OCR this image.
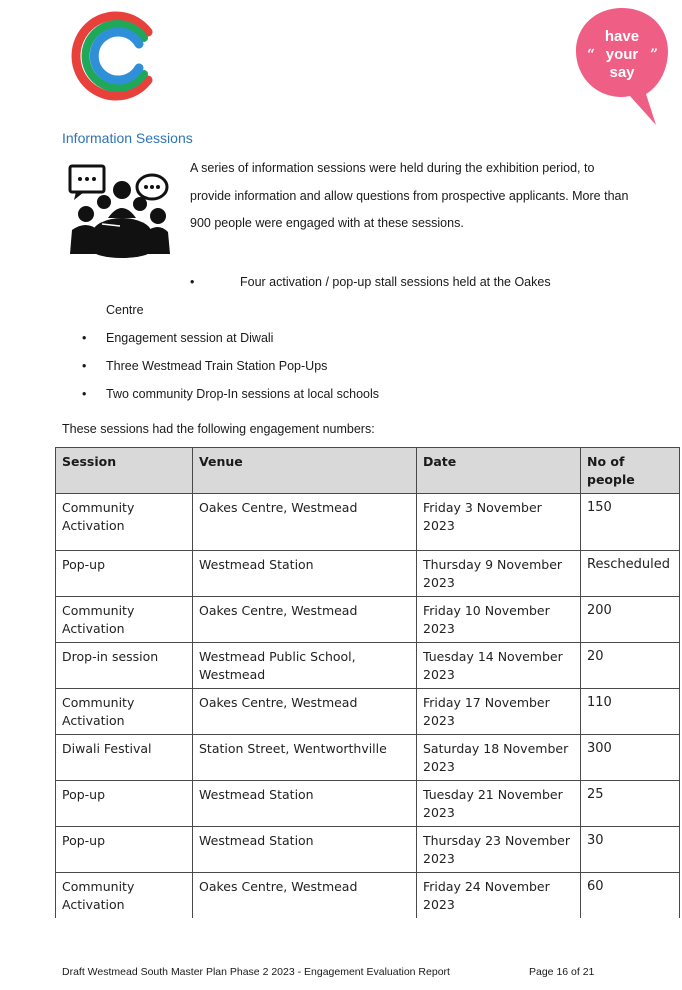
“	”
have
your
say
Information Sessions
A series of information sessions were held during the exhibition period, to provide information and allow questions from prospective applicants. More than 900 people were engaged with at these sessions.
•	Four activation / pop-up stall sessions held at the Oakes
Centre
• Engagement session at Diwali
• Three Westmead Train Station Pop-Ups
• Two community Drop-In sessions at local schools
These sessions had the following engagement numbers:
Session	Venue	Date	No of people
Community Activation	Oakes Centre, Westmead	Friday 3 November 2023	150
Pop-up	Westmead Station	Thursday 9 November 2023	Rescheduled
Community Activation	Oakes Centre, Westmead	Friday 10 November 2023	200
Drop-in session	Westmead Public School, Westmead	Tuesday 14 November 2023	20
Community Activation	Oakes Centre, Westmead	Friday 17 November 2023	110
Diwali Festival	Station Street, Wentworthville	Saturday 18 November 2023	300
Pop-up	Westmead Station	Tuesday 21 November 2023	25
Pop-up	Westmead Station	Thursday 23 November 2023	30
Community Activation	Oakes Centre, Westmead	Friday 24 November 2023	60
Draft Westmead South Master Plan Phase 2 2023 - Engagement Evaluation Report	Page 16 of 21
